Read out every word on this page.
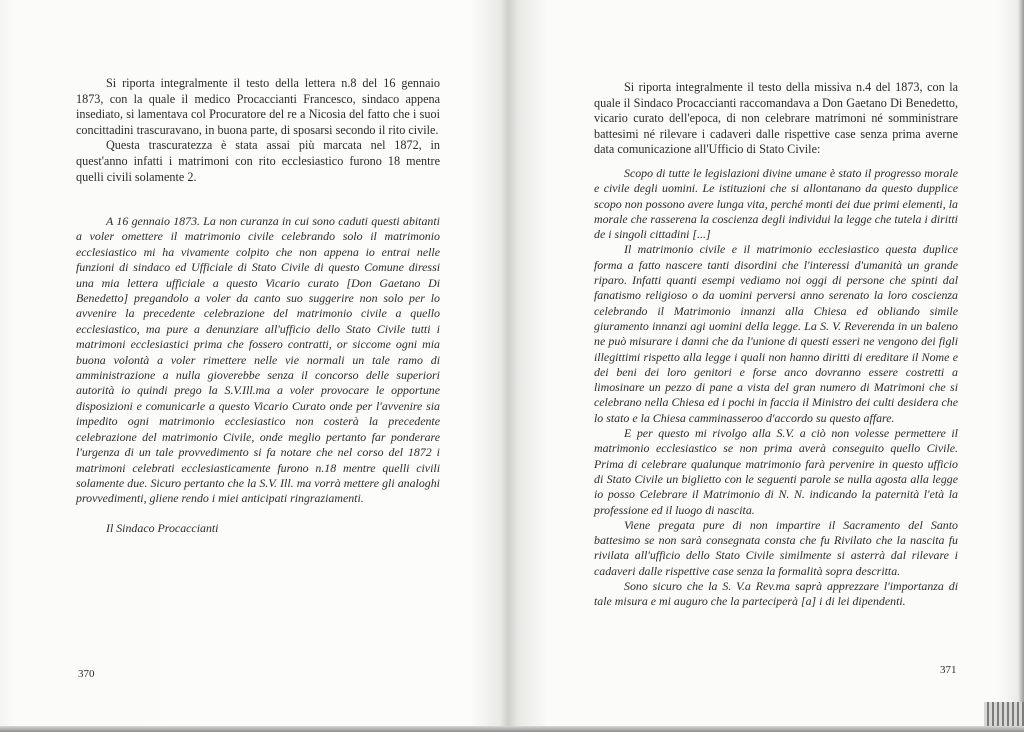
Si riporta integralmente il testo della lettera n.8 del 16 gennaio 1873, con la quale il medico Procaccianti Francesco, sindaco appena insediato, si lamentava col Procuratore del re a Nicosia del fatto che i suoi concittadini trascuravano, in buona parte, di sposarsi secondo il rito civile.

Questa trascuratezza è stata assai più marcata nel 1872, in quest'anno infatti i matrimoni con rito ecclesiastico furono 18 mentre quelli civili solamente 2.

A 16 gennaio 1873. La non curanza in cui sono caduti questi abitanti a voler omettere il matrimonio civile celebrando solo il matrimonio ecclesiastico mi ha vivamente colpito che non appena io entrai nelle funzioni di sindaco ed Ufficiale di Stato Civile di questo Comune diressi una mia lettera ufficiale a questo Vicario curato [Don Gaetano Di Benedetto] pregandolo a voler da canto suo suggerire non solo per lo avvenire la precedente celebrazione del matrimonio civile a quello ecclesiastico, ma pure a denunziare all'ufficio dello Stato Civile tutti i matrimoni ecclesiastici prima che fossero contratti, or siccome ogni mia buona volontà a voler rimettere nelle vie normali un tale ramo di amministrazione a nulla gioverebbe senza il concorso delle superiori autorità io quindi prego la S.V.Ill.ma a voler provocare le opportune disposizioni e comunicarle a questo Vicario Curato onde per l'avvenire sia impedito ogni matrimonio ecclesiastico non costerà la precedente celebrazione del matrimonio Civile, onde meglio pertanto far ponderare l'urgenza di un tale provvedimento si fa notare che nel corso del 1872 i matrimoni celebrati ecclesiasticamente furono n.18 mentre quelli civili solamente due. Sicuro pertanto che la S.V. Ill. ma vorrà mettere gli analoghi provvedimenti, gliene rendo i miei anticipati ringraziamenti.

Il Sindaco Procaccianti

370

Si riporta integralmente il testo della missiva n.4 del 1873, con la quale il Sindaco Procaccianti raccomandava a Don Gaetano Di Benedetto, vicario curato dell'epoca, di non celebrare matrimoni né somministrare battesimi né rilevare i cadaveri dalle rispettive case senza prima averne data comunicazione all'Ufficio di Stato Civile:

Scopo di tutte le legislazioni divine umane è stato il progresso morale e civile degli uomini. Le istituzioni che si allontanano da questo dupplice scopo non possono avere lunga vita, perché monti dei due primi elementi, la morale che rasserena la coscienza degli individui la legge che tutela i diritti de i singoli cittadini [...]

Il matrimonio civile e il matrimonio ecclesiastico questa duplice forma a fatto nascere tanti disordini che l'interessi d'umanità un grande riparo. Infatti quanti esempi vediamo noi oggi di persone che spinti dal fanatismo religioso o da uomini perversi anno serenato la loro coscienza celebrando il Matrimonio innanzi alla Chiesa ed obliando simile giuramento innanzi agi uomini della legge. La S. V. Reverenda in un baleno ne può misurare i danni che da l'unione di questi esseri ne vengono dei figli illegittimi rispetto alla legge i quali non hanno diritti di ereditare il Nome e dei beni dei loro genitori e forse anco dovranno essere costretti a limosinare un pezzo di pane a vista del gran numero di Matrimoni che si celebrano nella Chiesa ed i pochi in faccia il Ministro dei culti desidera che lo stato e la Chiesa camminasseroo d'accordo su questo affare.

E per questo mi rivolgo alla S.V. a ciò non volesse permettere il matrimonio ecclesiastico se non prima averà conseguito quello Civile. Prima di celebrare qualunque matrimonio farà pervenire in questo ufficio di Stato Civile un biglietto con le seguenti parole se nulla agosta alla legge io posso Celebrare il Matrimonio di N. N. indicando la paternità l'età la professione ed il luogo di nascita.

Viene pregata pure di non impartire il Sacramento del Santo battesimo se non sarà consegnata consta che fu Rivilato che la nascita fu rivilata all'ufficio dello Stato Civile similmente si asterrà dal rilevare i cadaveri dalle rispettive case senza la formalità sopra descritta.

Sono sicuro che la S. V.a Rev.ma saprà apprezzare l'importanza di tale misura e mi auguro che la parteciperà [a] i di lei dipendenti.

371
